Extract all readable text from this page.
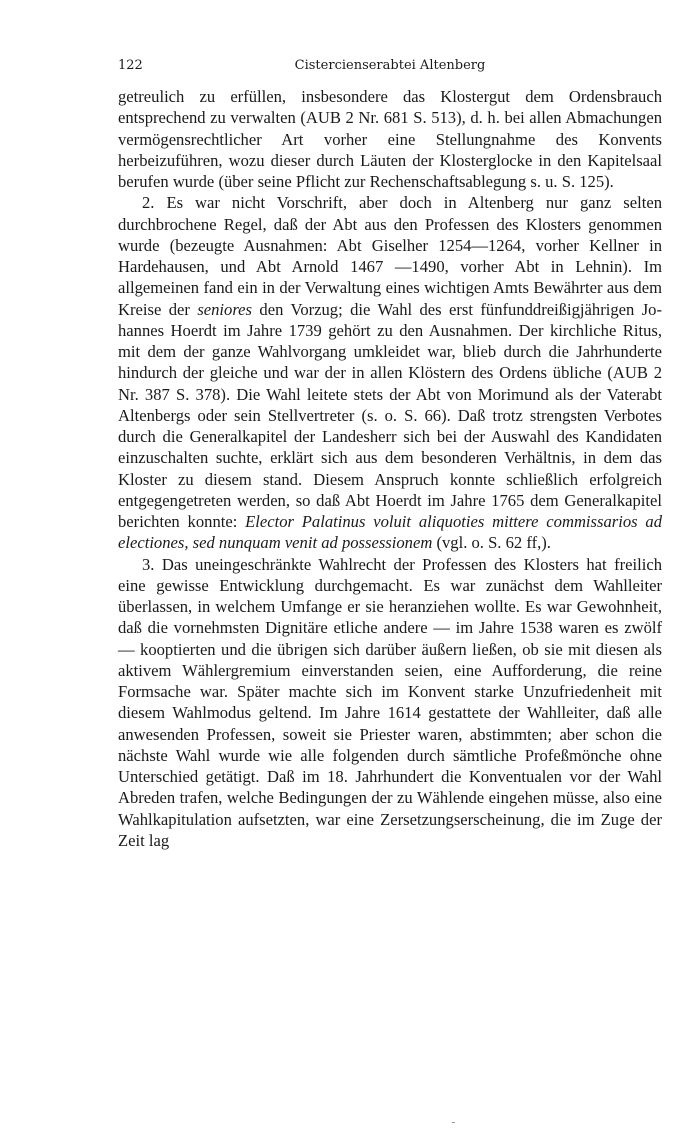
122	Cistercienserabtei Altenberg

getreulich zu erfüllen, insbesondere das Klostergut dem Ordensbrauch entsprechend zu verwalten (AUB 2 Nr. 681 S. 513), d. h. bei allen Abmachungen vermögensrechtlicher Art vorher eine Stellungnahme des Konvents herbeizuführen, wozu dieser durch Läuten der Klosterglocke in den Kapitelsaal berufen wurde (über seine Pflicht zur Rechenschaftsablegung s. u. S. 125).

2. Es war nicht Vorschrift, aber doch in Altenberg nur ganz selten durchbrochene Regel, daß der Abt aus den Professen des Klosters genommen wurde (bezeugte Ausnahmen: Abt Giselher 1254—1264, vorher Kellner in Hardehausen, und Abt Arnold 1467 —1490, vorher Abt in Lehnin). Im allgemeinen fand ein in der Verwaltung eines wichtigen Amts Bewährter aus dem Kreise der seniores den Vorzug; die Wahl des erst fünfunddreißigjährigen Johannes Hoerdt im Jahre 1739 gehört zu den Ausnahmen. Der kirchliche Ritus, mit dem der ganze Wahlvorgang umkleidet war, blieb durch die Jahrhunderte hindurch der gleiche und war der in allen Klöstern des Ordens übliche (AUB 2 Nr. 387 S. 378). Die Wahl leitete stets der Abt von Morimund als der Vaterabt Altenbergs oder sein Stellvertreter (s. o. S. 66). Daß trotz strengsten Verbotes durch die Generalkapitel der Landesherr sich bei der Auswahl des Kandidaten einzuschalten suchte, erklärt sich aus dem besonderen Verhältnis, in dem das Kloster zu diesem stand. Diesem Anspruch konnte schließlich erfolgreich entgegengetreten werden, so daß Abt Hoerdt im Jahre 1765 dem Generalkapitel berichten konnte: Elector Palatinus voluit aliquoties mittere commissarios ad electiones, sed nunquam venit ad possessionem (vgl. o. S. 62 ff,).

3. Das uneingeschränkte Wahlrecht der Professen des Klosters hat freilich eine gewisse Entwicklung durchgemacht. Es war zunächst dem Wahlleiter überlassen, in welchem Umfange er sie heranziehen wollte. Es war Gewohnheit, daß die vornehmsten Dignitäre etliche andere — im Jahre 1538 waren es zwölf — kooptierten und die übrigen sich darüber äußern ließen, ob sie mit diesen als aktivem Wählergremium einverstanden seien, eine Aufforderung, die reine Formsache war. Später machte sich im Konvent starke Unzufriedenheit mit diesem Wahlmodus geltend. Im Jahre 1614 gestattete der Wahlleiter, daß alle anwesenden Professen, soweit sie Priester waren, abstimmten; aber schon die nächste Wahl wurde wie alle folgenden durch sämtliche Profeßmönche ohne Unterschied getätigt. Daß im 18. Jahrhundert die Konventualen vor der Wahl Abreden trafen, welche Bedingungen der zu Wählende eingehen müsse, also eine Wahlkapitulation aufsetzten, war eine Zersetzungserscheinung, die im Zuge der Zeit lag
